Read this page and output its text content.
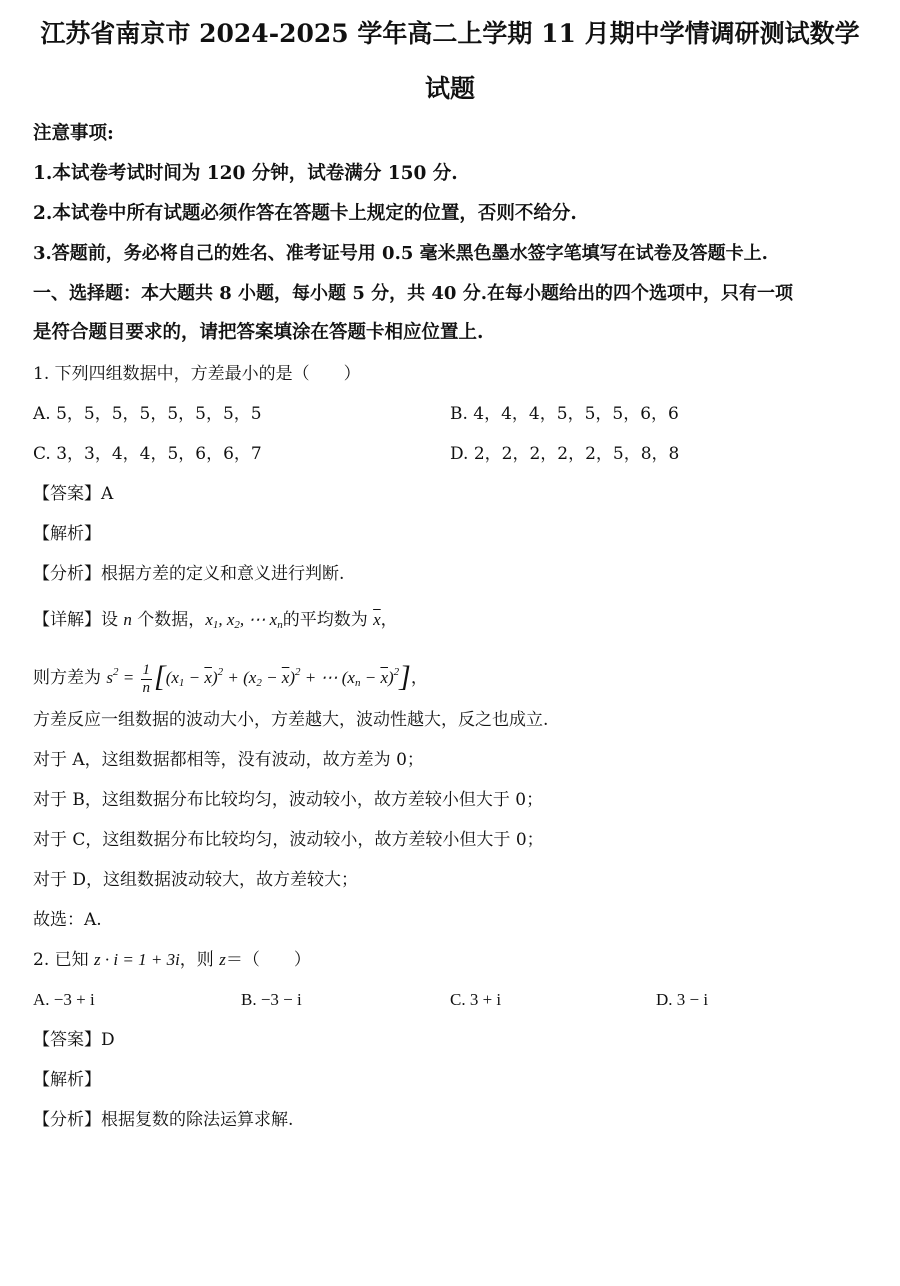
江苏省南京市 2024-2025 学年高二上学期 11 月期中学情调研测试数学
试题
注意事项:
1.本试卷考试时间为 120 分钟，试卷满分 150 分.
2.本试卷中所有试题必须作答在答题卡上规定的位置，否则不给分.
3.答题前，务必将自己的姓名、准考证号用 0.5 毫米黑色墨水签字笔填写在试卷及答题卡上.
一、选择题：本大题共 8 小题，每小题 5 分，共 40 分.在每小题给出的四个选项中，只有一项
是符合题目要求的，请把答案填涂在答题卡相应位置上.
1. 下列四组数据中，方差最小的是（　　）
A. 5，5，5，5，5，5，5，5	B. 4，4，4，5，5，5，6，6
C. 3，3，4，4，5，6，6，7	D. 2，2，2，2，2，5，8，8
【答案】A
【解析】
【分析】根据方差的定义和意义进行判断.
【详解】设 n 个数据，$x_1$, $x_2$, ⋯ $x_n$的平均数为 $\overline{x}$，
则方差为 $s^2 = \frac{1}{n} [(x_1 - \overline{x})^2 + (x_2 - \overline{x})^2$ + ⋯ $(x_n - \overline{x})^2$]，
方差反应一组数据的波动大小，方差越大，波动性越大，反之也成立.
对于 A，这组数据都相等，没有波动，故方差为 0；
对于 B，这组数据分布比较均匀，波动较小，故方差较小但大于 0；
对于 C，这组数据分布比较均匀，波动较小，故方差较小但大于 0；
对于 D，这组数据波动较大，故方差较大；
故选：A.
2. 已知 z · i = 1 + 3i，则 z＝（　　）
A. −3 + i	B. −3 − i	C. 3 + i	D. 3 − i
【答案】D
【解析】
【分析】根据复数的除法运算求解.
